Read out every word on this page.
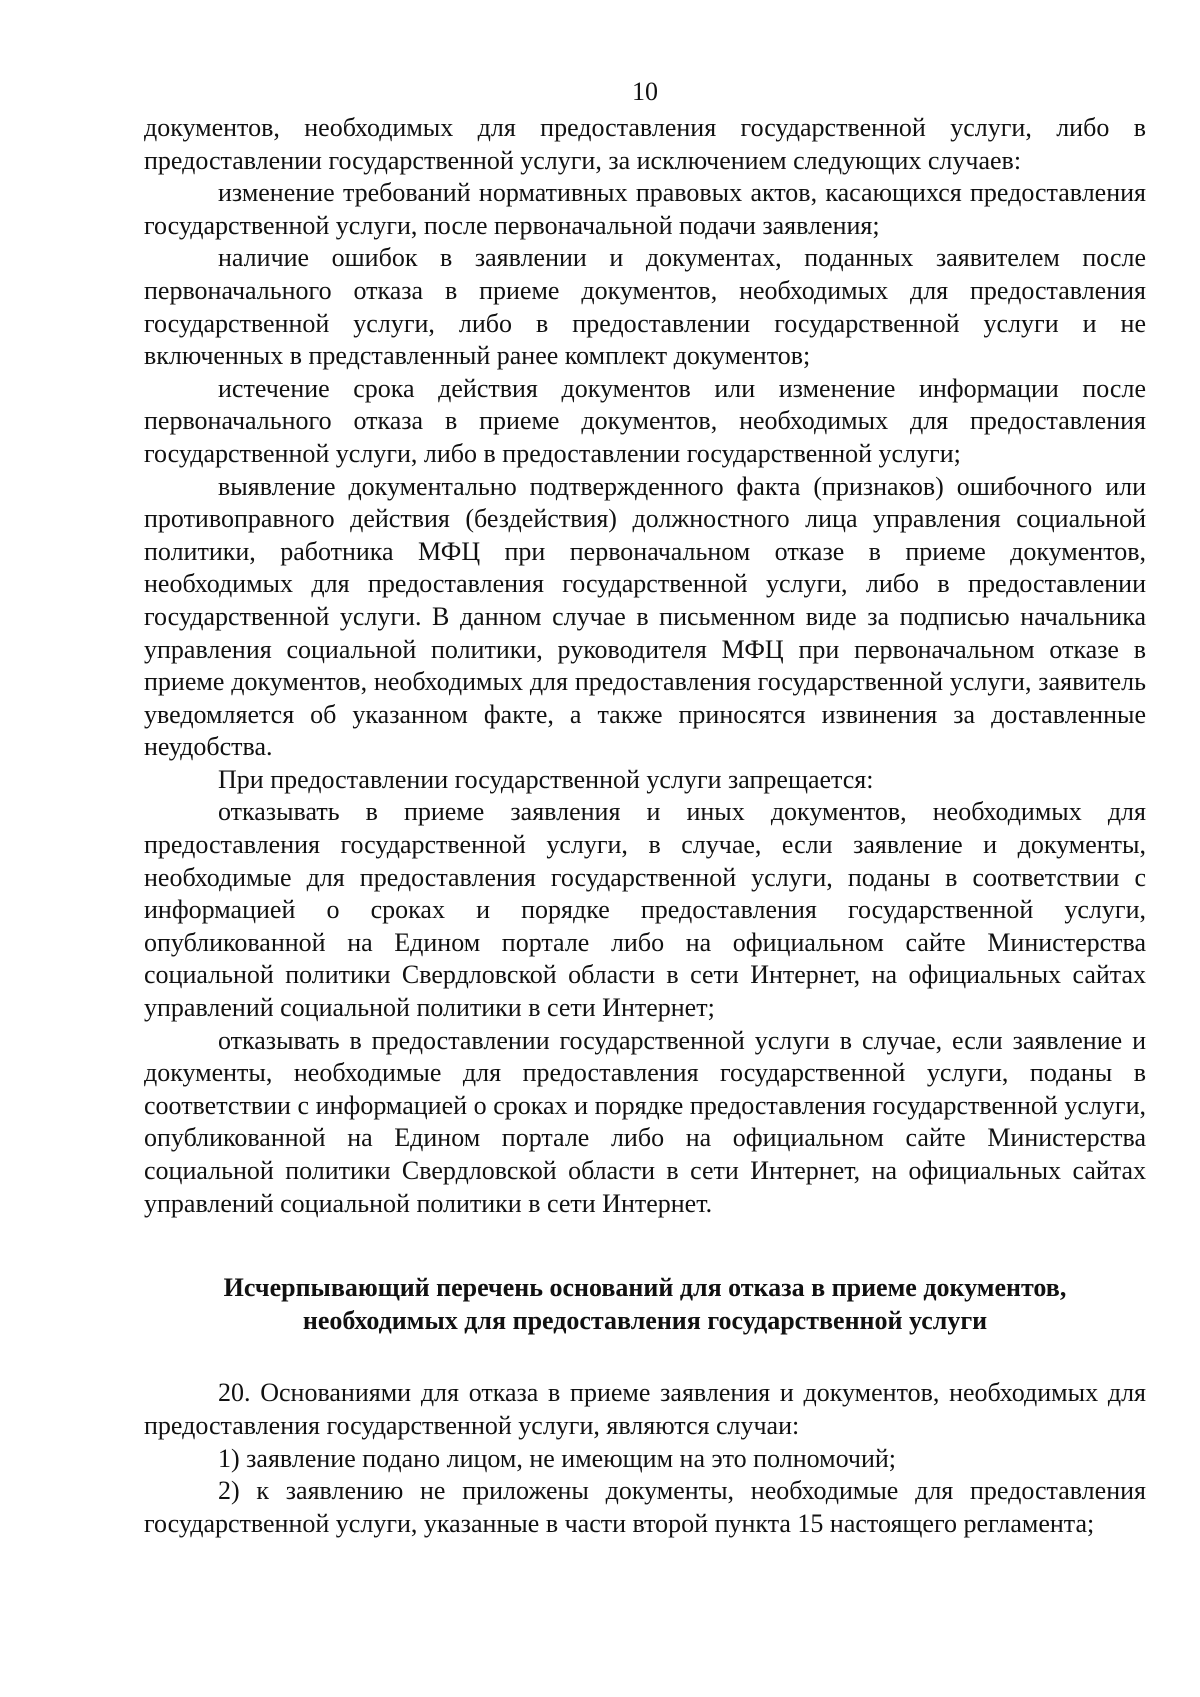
10

документов, необходимых для предоставления государственной услуги, либо в предоставлении государственной услуги, за исключением следующих случаев:

изменение требований нормативных правовых актов, касающихся предоставления государственной услуги, после первоначальной подачи заявления;

наличие ошибок в заявлении и документах, поданных заявителем после первоначального отказа в приеме документов, необходимых для предоставления государственной услуги, либо в предоставлении государственной услуги и не включенных в представленный ранее комплект документов;

истечение срока действия документов или изменение информации после первоначального отказа в приеме документов, необходимых для предоставления государственной услуги, либо в предоставлении государственной услуги;

выявление документально подтвержденного факта (признаков) ошибочного или противоправного действия (бездействия) должностного лица управления социальной политики, работника МФЦ при первоначальном отказе в приеме документов, необходимых для предоставления государственной услуги, либо в предоставлении государственной услуги. В данном случае в письменном виде за подписью начальника управления социальной политики, руководителя МФЦ при первоначальном отказе в приеме документов, необходимых для предоставления государственной услуги, заявитель уведомляется об указанном факте, а также приносятся извинения за доставленные неудобства.

При предоставлении государственной услуги запрещается:

отказывать в приеме заявления и иных документов, необходимых для предоставления государственной услуги, в случае, если заявление и документы, необходимые для предоставления государственной услуги, поданы в соответствии с информацией о сроках и порядке предоставления государственной услуги, опубликованной на Едином портале либо на официальном сайте Министерства социальной политики Свердловской области в сети Интернет, на официальных сайтах управлений социальной политики в сети Интернет;

отказывать в предоставлении государственной услуги в случае, если заявление и документы, необходимые для предоставления государственной услуги, поданы в соответствии с информацией о сроках и порядке предоставления государственной услуги, опубликованной на Едином портале либо на официальном сайте Министерства социальной политики Свердловской области в сети Интернет, на официальных сайтах управлений социальной политики в сети Интернет.

Исчерпывающий перечень оснований для отказа в приеме документов, необходимых для предоставления государственной услуги

20. Основаниями для отказа в приеме заявления и документов, необходимых для предоставления государственной услуги, являются случаи:

1) заявление подано лицом, не имеющим на это полномочий;

2) к заявлению не приложены документы, необходимые для предоставления государственной услуги, указанные в части второй пункта 15 настоящего регламента;
